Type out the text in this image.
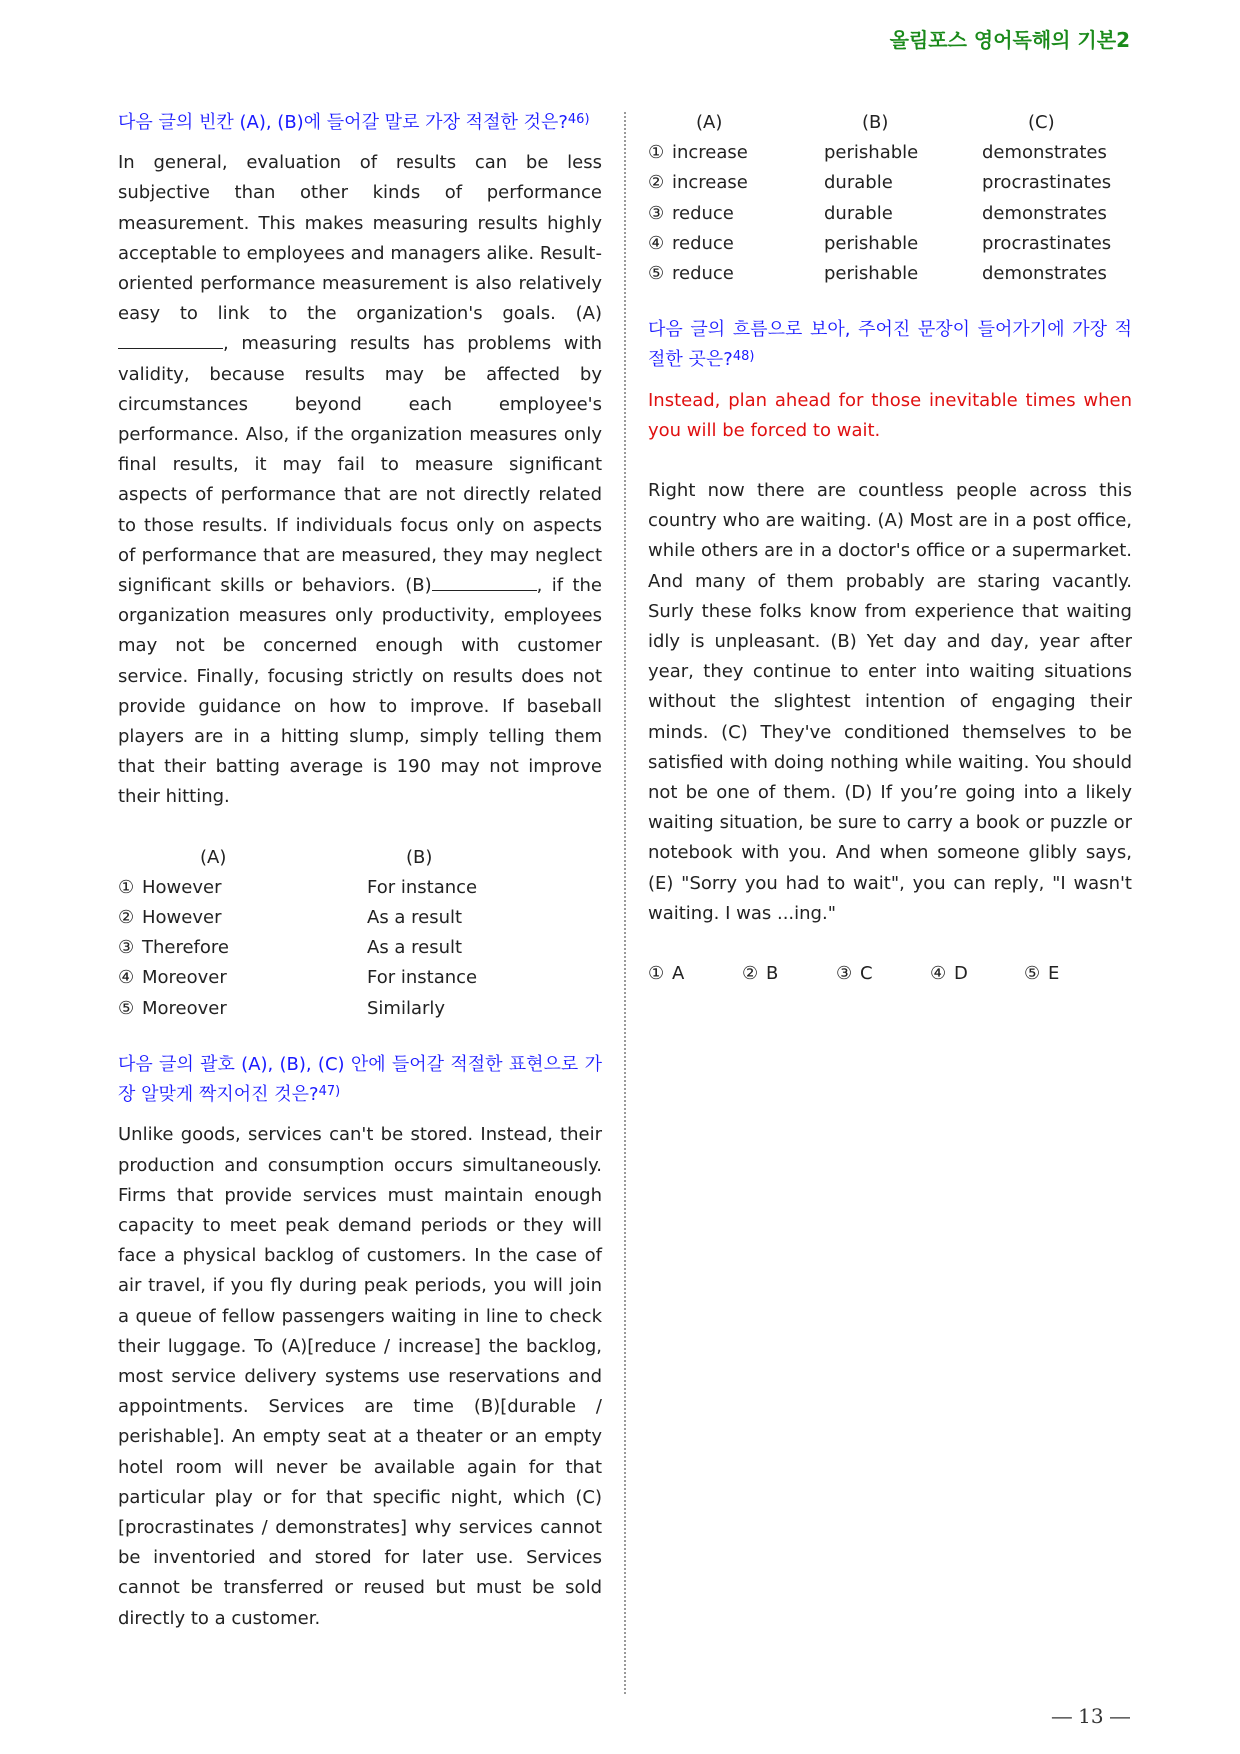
올림포스 영어독해의 기본2

다음 글의 빈칸 (A), (B)에 들어갈 말로 가장 적절한 것은?$^{46)}$

In general, evaluation of results can be less subjective than other kinds of performance measurement. This makes measuring results highly acceptable to employees and managers alike. Result-oriented performance measurement is also relatively easy to link to the organization's goals. (A), measuring results has problems with validity, because results may be affected by circumstances beyond each employee's performance. Also, if the organization measures only final results, it may fail to measure significant aspects of performance that are not directly related to those results. If individuals focus only on aspects of performance that are measured, they may neglect significant skills or behaviors. (B)	, if the organization measures only productivity, employees may not be concerned enough with customer service. Finally, focusing strictly on results does not provide guidance on how to improve. If baseball players are in a hitting slump, simply telling them that their batting average is 190 may not improve their hitting.

(A)	(B)
① However	For instance
② However	As a result
③ Therefore	As a result
④ Moreover	For instance
⑤ Moreover	Similarly

다음 글의 괄호 (A), (B), (C) 안에 들어갈 적절한 표현으로 가장 알맞게 짝지어진 것은?$^{47)}$

Unlike goods, services can't be stored. Instead, their production and consumption occurs simultaneously. Firms that provide services must maintain enough capacity to meet peak demand periods or they will face a physical backlog of customers. In the case of air travel, if you fly during peak periods, you will join a queue of fellow passengers waiting in line to check their luggage. To (A)[reduce / increase] the backlog, most service delivery systems use reservations and appointments. Services are time (B)[durable / perishable]. An empty seat at a theater or an empty hotel room will never be available again for that particular play or for that specific night, which (C)[procrastinates / demonstrates] why services cannot be inventoried and stored for later use. Services cannot be transferred or reused but must be sold directly to a customer.

(A)	(B)	(C)
① increase	perishable	demonstrates
② increase	durable	procrastinates
③ reduce	durable	demonstrates
④ reduce	perishable	procrastinates
⑤ reduce	perishable	demonstrates

다음 글의 흐름으로 보아, 주어진 문장이 들어가기에 가장 적절한 곳은?$^{48)}$

Instead, plan ahead for those inevitable times when you will be forced to wait.

Right now there are countless people across this country who are waiting. (A) Most are in a post office, while others are in a doctor's office or a supermarket. And many of them probably are staring vacantly. Surly these folks know from experience that waiting idly is unpleasant. (B) Yet day and day, year after year, they continue to enter into waiting situations without the slightest intention of engaging their minds. (C) They've conditioned themselves to be satisfied with doing nothing while waiting. You should not be one of them. (D) If you’re going into a likely waiting situation, be sure to carry a book or puzzle or notebook with you. And when someone glibly says, (E) "Sorry you had to wait", you can reply, "I wasn't waiting. I was ...ing."

① A	② B	③ C	④ D	⑤ E
― 13 ―
